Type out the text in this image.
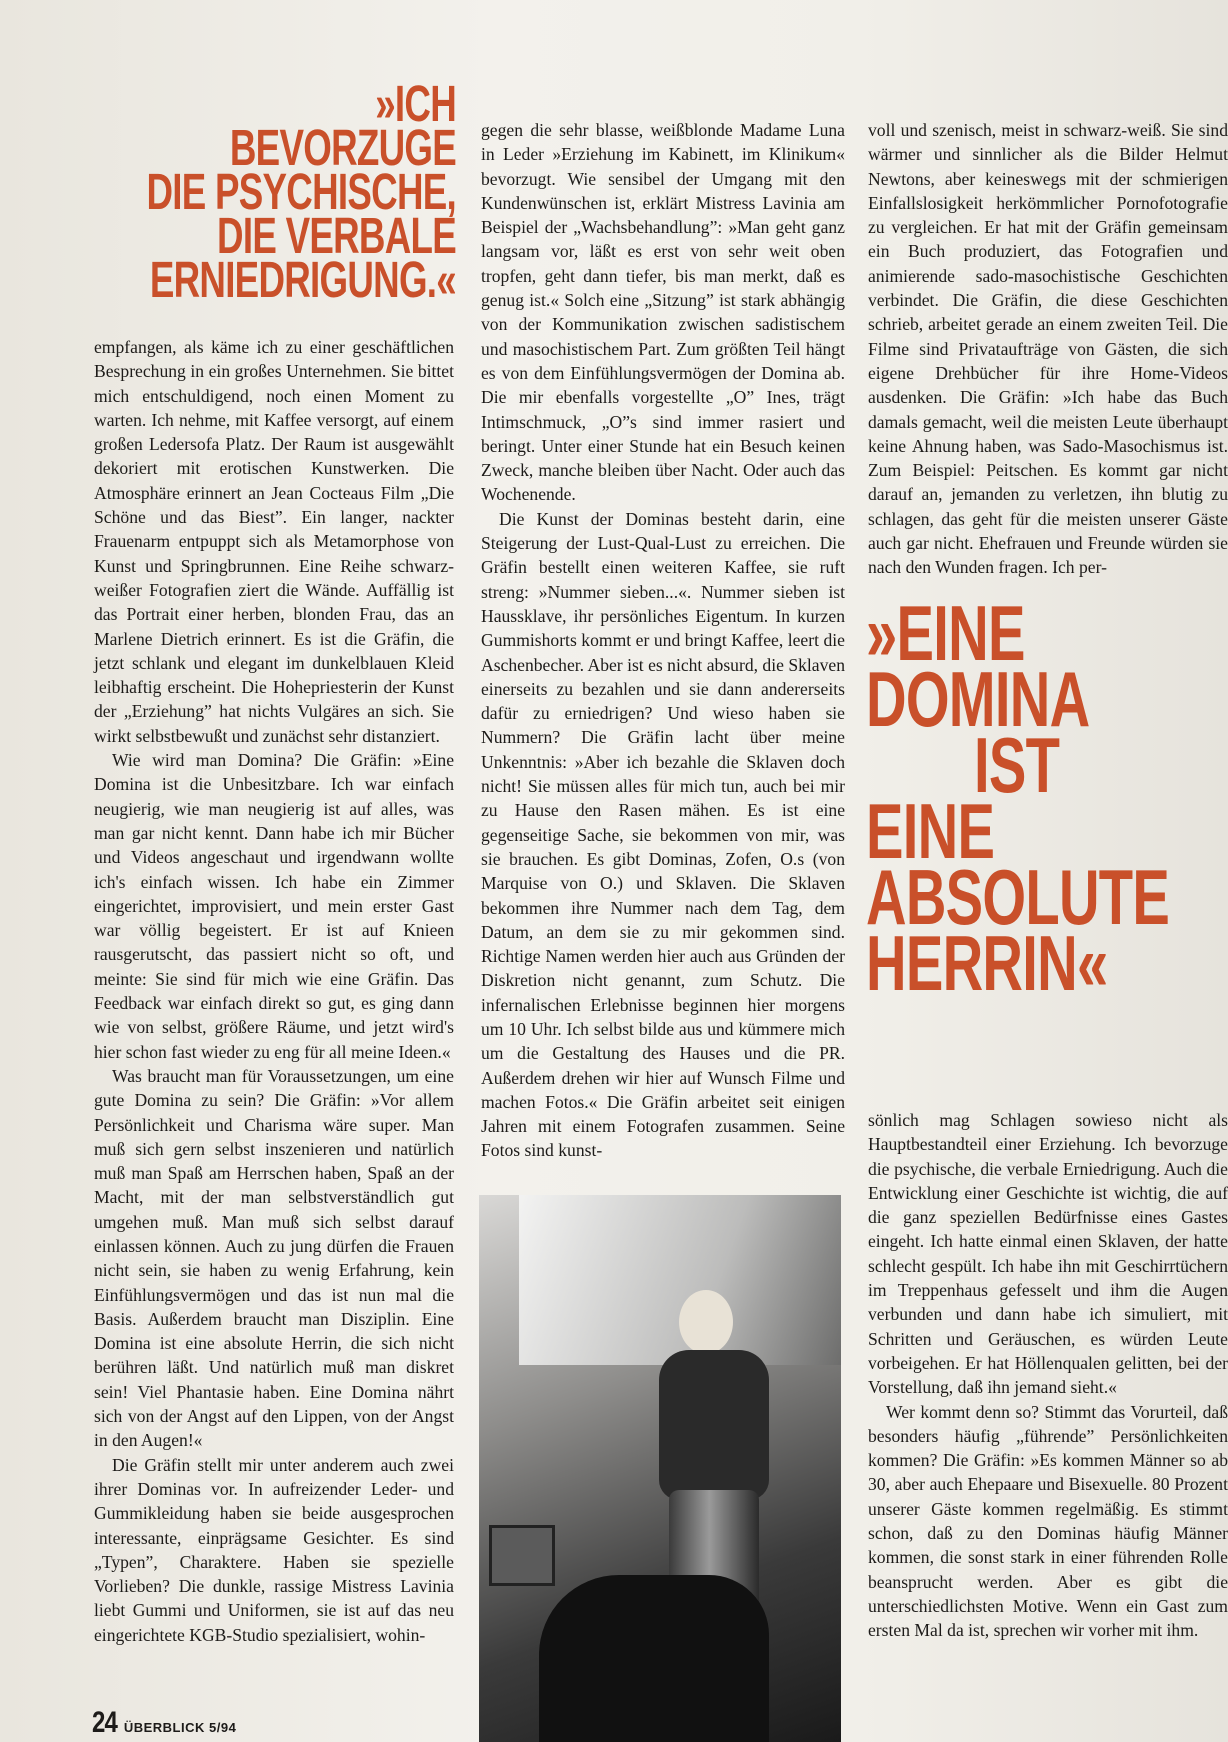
»ICH
BEVORZUGE
DIE PSYCHISCHE,
DIE VERBALE
ERNIEDRIGUNG.«

empfangen, als käme ich zu einer geschäftlichen Besprechung in ein großes Unternehmen. Sie bittet mich entschuldigend, noch einen Moment zu warten. Ich nehme, mit Kaffee versorgt, auf einem großen Ledersofa Platz. Der Raum ist ausgewählt dekoriert mit erotischen Kunstwerken. Die Atmosphäre erinnert an Jean Cocteaus Film „Die Schöne und das Biest”. Ein langer, nackter Frauenarm entpuppt sich als Metamorphose von Kunst und Springbrunnen. Eine Reihe schwarz-weißer Fotografien ziert die Wände. Auffällig ist das Portrait einer herben, blonden Frau, das an Marlene Dietrich erinnert. Es ist die Gräfin, die jetzt schlank und elegant im dunkelblauen Kleid leibhaftig erscheint. Die Hohepriesterin der Kunst der „Erziehung” hat nichts Vulgäres an sich. Sie wirkt selbstbewußt und zunächst sehr distanziert.

Wie wird man Domina? Die Gräfin: »Eine Domina ist die Unbesitzbare. Ich war einfach neugierig, wie man neugierig ist auf alles, was man gar nicht kennt. Dann habe ich mir Bücher und Videos angeschaut und irgendwann wollte ich's einfach wissen. Ich habe ein Zimmer eingerichtet, improvisiert, und mein erster Gast war völlig begeistert. Er ist auf Knieen rausgerutscht, das passiert nicht so oft, und meinte: Sie sind für mich wie eine Gräfin. Das Feedback war einfach direkt so gut, es ging dann wie von selbst, größere Räume, und jetzt wird's hier schon fast wieder zu eng für all meine Ideen.«

Was braucht man für Voraussetzungen, um eine gute Domina zu sein? Die Gräfin: »Vor allem Persönlichkeit und Charisma wäre super. Man muß sich gern selbst inszenieren und natürlich muß man Spaß am Herrschen haben, Spaß an der Macht, mit der man selbstverständlich gut umgehen muß. Man muß sich selbst darauf einlassen können. Auch zu jung dürfen die Frauen nicht sein, sie haben zu wenig Erfahrung, kein Einfühlungsvermögen und das ist nun mal die Basis. Außerdem braucht man Disziplin. Eine Domina ist eine absolute Herrin, die sich nicht berühren läßt. Und natürlich muß man diskret sein! Viel Phantasie haben. Eine Domina nährt sich von der Angst auf den Lippen, von der Angst in den Augen!«

Die Gräfin stellt mir unter anderem auch zwei ihrer Dominas vor. In aufreizender Leder- und Gummikleidung haben sie beide ausgesprochen interessante, einprägsame Gesichter. Es sind „Typen”, Charaktere. Haben sie spezielle Vorlieben? Die dunkle, rassige Mistress Lavinia liebt Gummi und Uniformen, sie ist auf das neu eingerichtete KGB-Studio spezialisiert, wohin-

gegen die sehr blasse, weißblonde Madame Luna in Leder »Erziehung im Kabinett, im Klinikum« bevorzugt. Wie sensibel der Umgang mit den Kundenwünschen ist, erklärt Mistress Lavinia am Beispiel der „Wachsbehandlung”: »Man geht ganz langsam vor, läßt es erst von sehr weit oben tropfen, geht dann tiefer, bis man merkt, daß es genug ist.« Solch eine „Sitzung” ist stark abhängig von der Kommunikation zwischen sadistischem und masochistischem Part. Zum größten Teil hängt es von dem Einfühlungsvermögen der Domina ab. Die mir ebenfalls vorgestellte „O” Ines, trägt Intimschmuck, „O”s sind immer rasiert und beringt. Unter einer Stunde hat ein Besuch keinen Zweck, manche bleiben über Nacht. Oder auch das Wochenende.

Die Kunst der Dominas besteht darin, eine Steigerung der Lust-Qual-Lust zu erreichen. Die Gräfin bestellt einen weiteren Kaffee, sie ruft streng: »Nummer sieben...«. Nummer sieben ist Haussklave, ihr persönliches Eigentum. In kurzen Gummishorts kommt er und bringt Kaffee, leert die Aschenbecher. Aber ist es nicht absurd, die Sklaven einerseits zu bezahlen und sie dann andererseits dafür zu erniedrigen? Und wieso haben sie Nummern? Die Gräfin lacht über meine Unkenntnis: »Aber ich bezahle die Sklaven doch nicht! Sie müssen alles für mich tun, auch bei mir zu Hause den Rasen mähen. Es ist eine gegenseitige Sache, sie bekommen von mir, was sie brauchen. Es gibt Dominas, Zofen, O.s (von Marquise von O.) und Sklaven. Die Sklaven bekommen ihre Nummer nach dem Tag, dem Datum, an dem sie zu mir gekommen sind. Richtige Namen werden hier auch aus Gründen der Diskretion nicht genannt, zum Schutz. Die infernalischen Erlebnisse beginnen hier morgens um 10 Uhr. Ich selbst bilde aus und kümmere mich um die Gestaltung des Hauses und die PR. Außerdem drehen wir hier auf Wunsch Filme und machen Fotos.« Die Gräfin arbeitet seit einigen Jahren mit einem Fotografen zusammen. Seine Fotos sind kunst-

voll und szenisch, meist in schwarz-weiß. Sie sind wärmer und sinnlicher als die Bilder Helmut Newtons, aber keineswegs mit der schmierigen Einfallslosigkeit herkömmlicher Pornofotografie zu vergleichen. Er hat mit der Gräfin gemeinsam ein Buch produziert, das Fotografien und animierende sado-masochistische Geschichten verbindet. Die Gräfin, die diese Geschichten schrieb, arbeitet gerade an einem zweiten Teil. Die Filme sind Privataufträge von Gästen, die sich eigene Drehbücher für ihre Home-Videos ausdenken. Die Gräfin: »Ich habe das Buch damals gemacht, weil die meisten Leute überhaupt keine Ahnung haben, was Sado-Masochismus ist. Zum Beispiel: Peitschen. Es kommt gar nicht darauf an, jemanden zu verletzen, ihn blutig zu schlagen, das geht für die meisten unserer Gäste auch gar nicht. Ehefrauen und Freunde würden sie nach den Wunden fragen. Ich per-

»EINE
DOMINA
IST
EINE
ABSOLUTE
HERRIN«

sönlich mag Schlagen sowieso nicht als Hauptbestandteil einer Erziehung. Ich bevorzuge die psychische, die verbale Erniedrigung. Auch die Entwicklung einer Geschichte ist wichtig, die auf die ganz speziellen Bedürfnisse eines Gastes eingeht. Ich hatte einmal einen Sklaven, der hatte schlecht gespült. Ich habe ihn mit Geschirrtüchern im Treppenhaus gefesselt und ihm die Augen verbunden und dann habe ich simuliert, mit Schritten und Geräuschen, es würden Leute vorbeigehen. Er hat Höllenqualen gelitten, bei der Vorstellung, daß ihn jemand sieht.«

Wer kommt denn so? Stimmt das Vorurteil, daß besonders häufig „führende” Persönlichkeiten kommen? Die Gräfin: »Es kommen Männer so ab 30, aber auch Ehepaare und Bisexuelle. 80 Prozent unserer Gäste kommen regelmäßig. Es stimmt schon, daß zu den Dominas häufig Männer kommen, die sonst stark in einer führenden Rolle beansprucht werden. Aber es gibt die unterschiedlichsten Motive. Wenn ein Gast zum ersten Mal da ist, sprechen wir vorher mit ihm.

24 ÜBERBLICK 5/94
